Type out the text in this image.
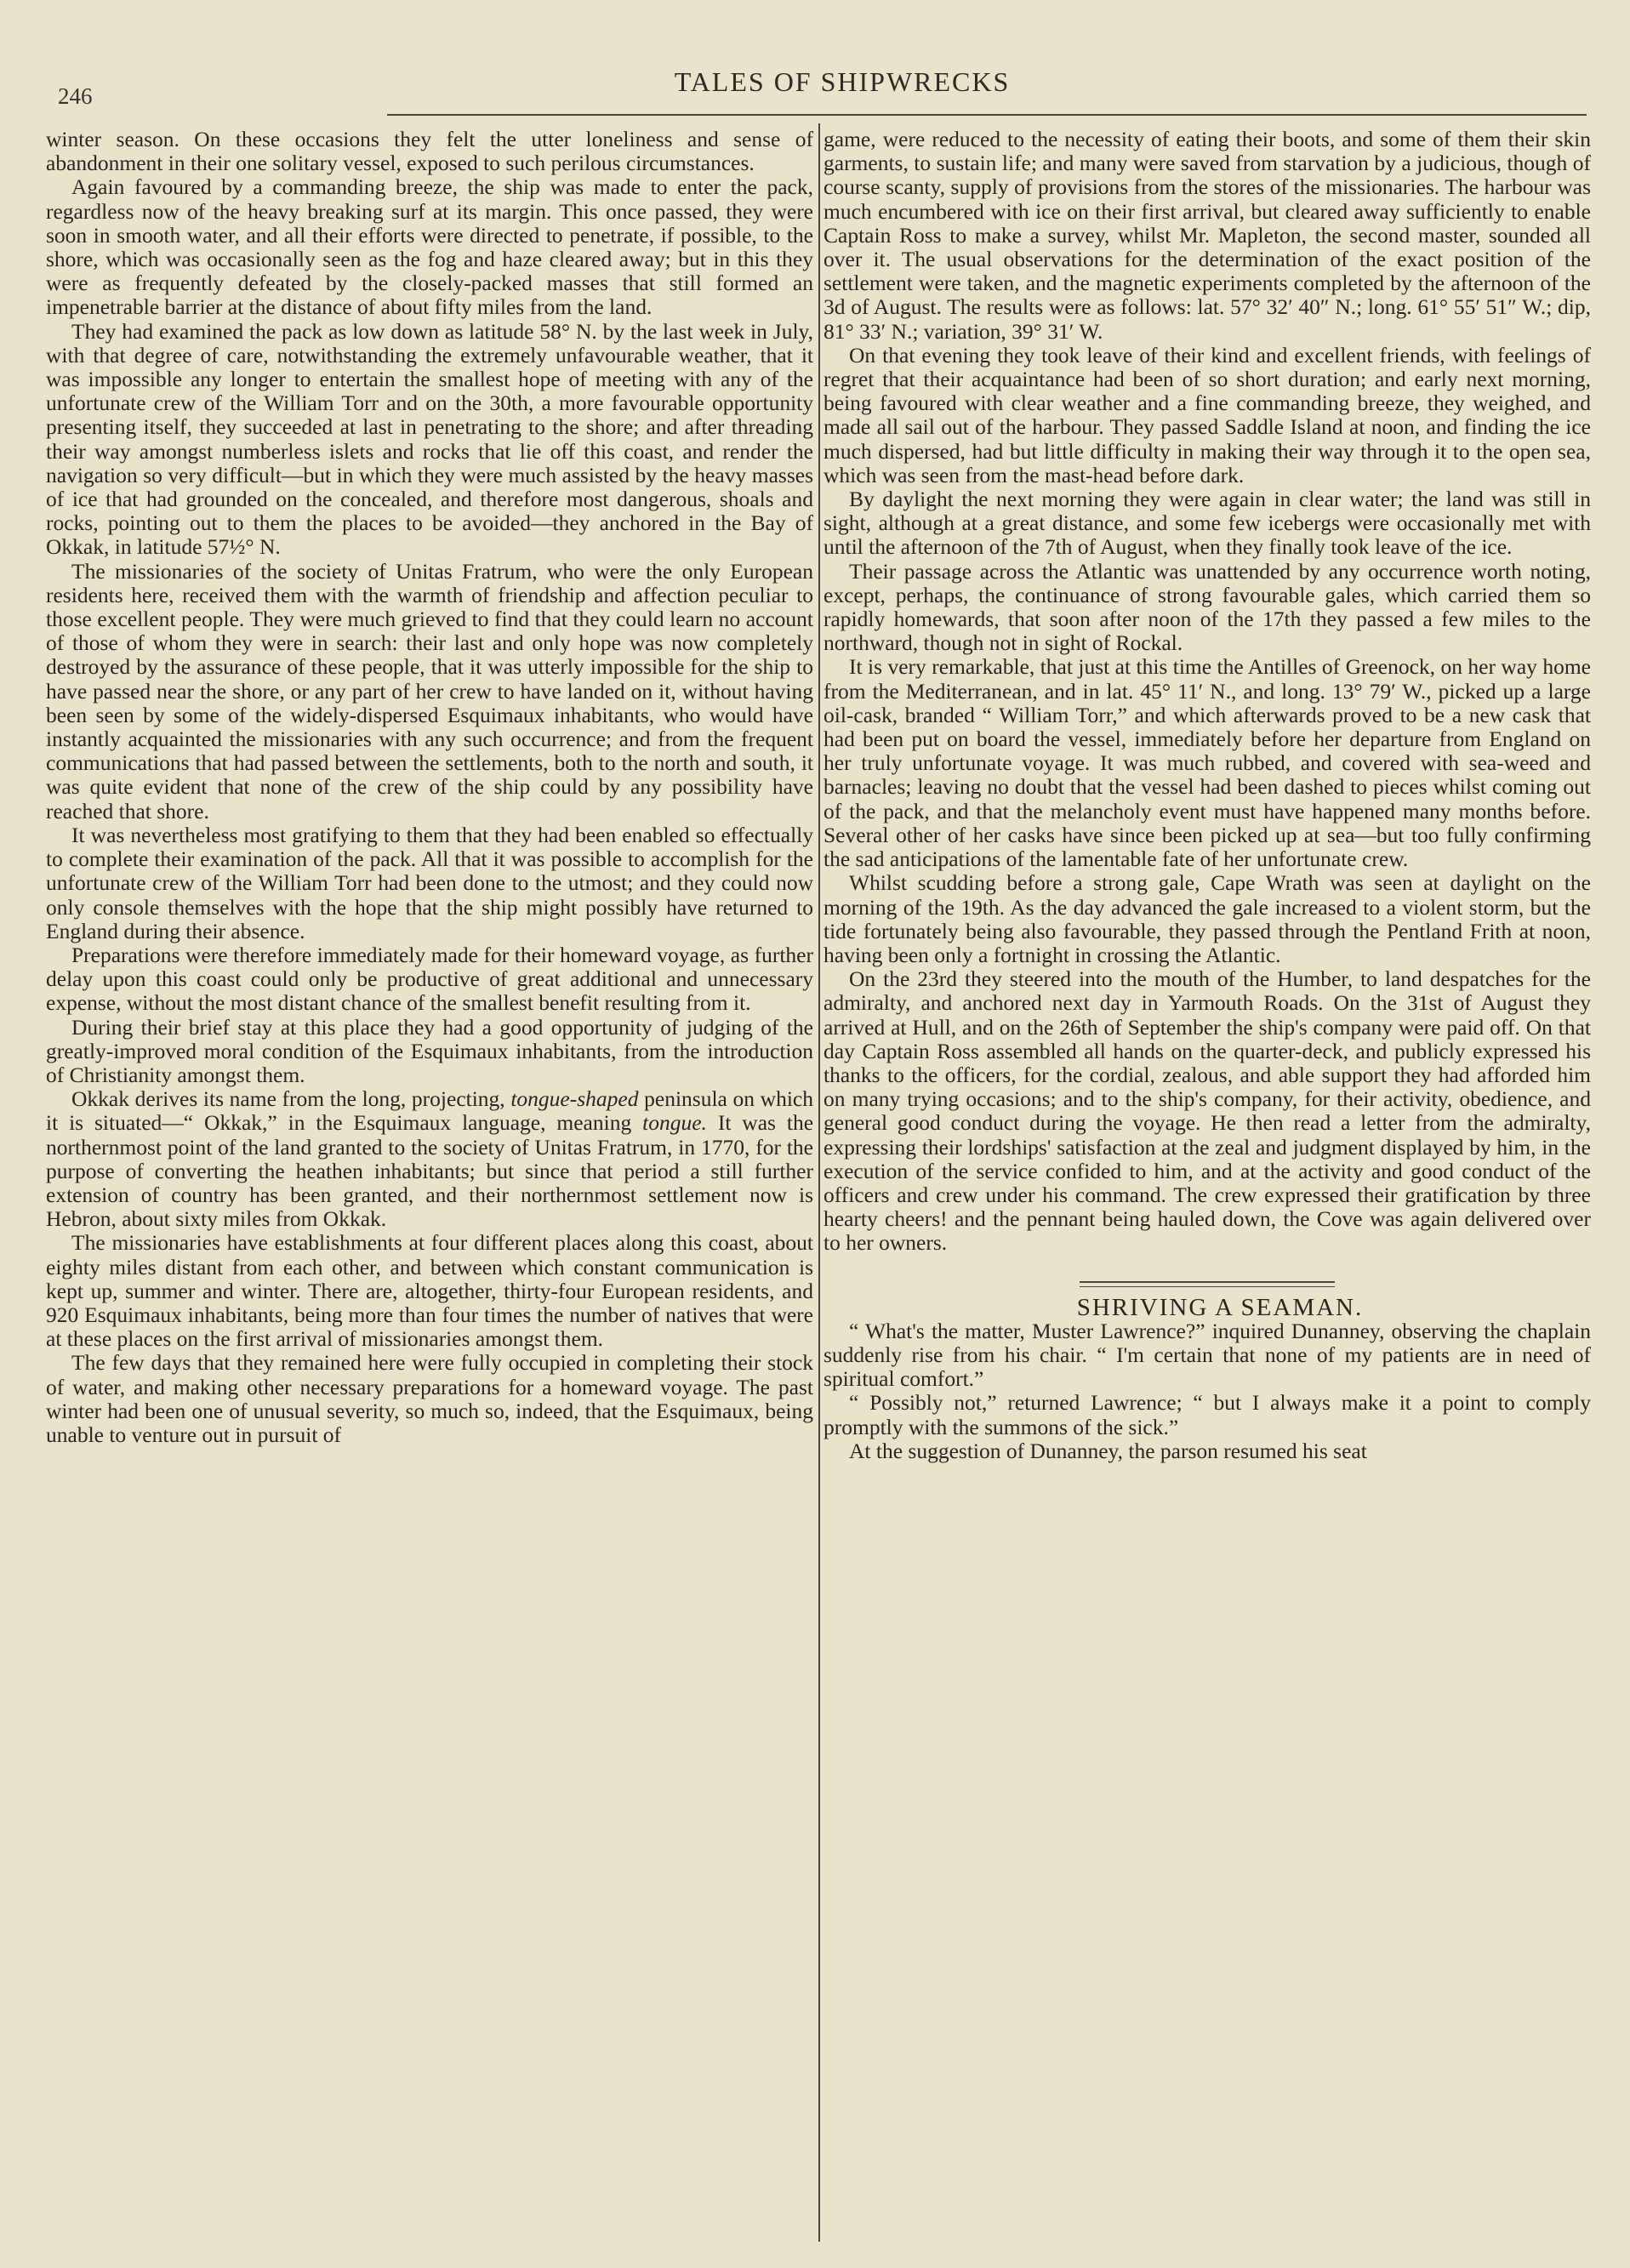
246	TALES OF SHIPWRECKS

winter season. On these occasions they felt the utter loneliness and sense of abandonment in their one solitary vessel, exposed to such perilous circumstances.

Again favoured by a commanding breeze, the ship was made to enter the pack, regardless now of the heavy breaking surf at its margin. This once passed, they were soon in smooth water, and all their efforts were directed to penetrate, if possible, to the shore, which was occasionally seen as the fog and haze cleared away; but in this they were as frequently defeated by the closely-packed masses that still formed an impenetrable barrier at the distance of about fifty miles from the land.

They had examined the pack as low down as latitude 58° N. by the last week in July, with that degree of care, notwithstanding the extremely unfavourable weather, that it was impossible any longer to entertain the smallest hope of meeting with any of the unfortunate crew of the William Torr and on the 30th, a more favourable opportunity presenting itself, they succeeded at last in penetrating to the shore; and after threading their way amongst numberless islets and rocks that lie off this coast, and render the navigation so very difficult—but in which they were much assisted by the heavy masses of ice that had grounded on the concealed, and therefore most dangerous, shoals and rocks, pointing out to them the places to be avoided—they anchored in the Bay of Okkak, in latitude 57½° N.

The missionaries of the society of Unitas Fratrum, who were the only European residents here, received them with the warmth of friendship and affection peculiar to those excellent people. They were much grieved to find that they could learn no account of those of whom they were in search: their last and only hope was now completely destroyed by the assurance of these people, that it was utterly impossible for the ship to have passed near the shore, or any part of her crew to have landed on it, without having been seen by some of the widely-dispersed Esquimaux inhabitants, who would have instantly acquainted the missionaries with any such occurrence; and from the frequent communications that had passed between the settlements, both to the north and south, it was quite evident that none of the crew of the ship could by any possibility have reached that shore.

It was nevertheless most gratifying to them that they had been enabled so effectually to complete their examination of the pack. All that it was possible to accomplish for the unfortunate crew of the William Torr had been done to the utmost; and they could now only console themselves with the hope that the ship might possibly have returned to England during their absence.

Preparations were therefore immediately made for their homeward voyage, as further delay upon this coast could only be productive of great additional and unnecessary expense, without the most distant chance of the smallest benefit resulting from it.

During their brief stay at this place they had a good opportunity of judging of the greatly-improved moral condition of the Esquimaux inhabitants, from the introduction of Christianity amongst them.

Okkak derives its name from the long, projecting, tongue-shaped peninsula on which it is situated—“ Okkak,” in the Esquimaux language, meaning tongue. It was the northernmost point of the land granted to the society of Unitas Fratrum, in 1770, for the purpose of converting the heathen inhabitants; but since that period a still further extension of country has been granted, and their northernmost settlement now is Hebron, about sixty miles from Okkak.

The missionaries have establishments at four different places along this coast, about eighty miles distant from each other, and between which constant communication is kept up, summer and winter. There are, altogether, thirty-four European residents, and 920 Esquimaux inhabitants, being more than four times the number of natives that were at these places on the first arrival of missionaries amongst them.

The few days that they remained here were fully occupied in completing their stock of water, and making other necessary preparations for a homeward voyage. The past winter had been one of unusual severity, so much so, indeed, that the Esquimaux, being unable to venture out in pursuit of

game, were reduced to the necessity of eating their boots, and some of them their skin garments, to sustain life; and many were saved from starvation by a judicious, though of course scanty, supply of provisions from the stores of the missionaries. The harbour was much encumbered with ice on their first arrival, but cleared away sufficiently to enable Captain Ross to make a survey, whilst Mr. Mapleton, the second master, sounded all over it. The usual observations for the determination of the exact position of the settlement were taken, and the magnetic experiments completed by the afternoon of the 3d of August. The results were as follows: lat. 57° 32′ 40″ N.; long. 61° 55′ 51″ W.; dip, 81° 33′ N.; variation, 39° 31′ W.

On that evening they took leave of their kind and excellent friends, with feelings of regret that their acquaintance had been of so short duration; and early next morning, being favoured with clear weather and a fine commanding breeze, they weighed, and made all sail out of the harbour. They passed Saddle Island at noon, and finding the ice much dispersed, had but little difficulty in making their way through it to the open sea, which was seen from the mast-head before dark.

By daylight the next morning they were again in clear water; the land was still in sight, although at a great distance, and some few icebergs were occasionally met with until the afternoon of the 7th of August, when they finally took leave of the ice.

Their passage across the Atlantic was unattended by any occurrence worth noting, except, perhaps, the continuance of strong favourable gales, which carried them so rapidly homewards, that soon after noon of the 17th they passed a few miles to the northward, though not in sight of Rockal.

It is very remarkable, that just at this time the Antilles of Greenock, on her way home from the Mediterranean, and in lat. 45° 11′ N., and long. 13° 79′ W., picked up a large oil-cask, branded “ William Torr,” and which afterwards proved to be a new cask that had been put on board the vessel, immediately before her departure from England on her truly unfortunate voyage. It was much rubbed, and covered with sea-weed and barnacles; leaving no doubt that the vessel had been dashed to pieces whilst coming out of the pack, and that the melancholy event must have happened many months before. Several other of her casks have since been picked up at sea—but too fully confirming the sad anticipations of the lamentable fate of her unfortunate crew.

Whilst scudding before a strong gale, Cape Wrath was seen at daylight on the morning of the 19th. As the day advanced the gale increased to a violent storm, but the tide fortunately being also favourable, they passed through the Pentland Frith at noon, having been only a fortnight in crossing the Atlantic.

On the 23rd they steered into the mouth of the Humber, to land despatches for the admiralty, and anchored next day in Yarmouth Roads. On the 31st of August they arrived at Hull, and on the 26th of September the ship's company were paid off. On that day Captain Ross assembled all hands on the quarter-deck, and publicly expressed his thanks to the officers, for the cordial, zealous, and able support they had afforded him on many trying occasions; and to the ship's company, for their activity, obedience, and general good conduct during the voyage. He then read a letter from the admiralty, expressing their lordships' satisfaction at the zeal and judgment displayed by him, in the execution of the service confided to him, and at the activity and good conduct of the officers and crew under his command. The crew expressed their gratification by three hearty cheers! and the pennant being hauled down, the Cove was again delivered over to her owners.

SHRIVING A SEAMAN.

“ What's the matter, Muster Lawrence?” inquired Dunanney, observing the chaplain suddenly rise from his chair. “ I'm certain that none of my patients are in need of spiritual comfort.”

“ Possibly not,” returned Lawrence; “ but I always make it a point to comply promptly with the summons of the sick.”

At the suggestion of Dunanney, the parson resumed his seat
